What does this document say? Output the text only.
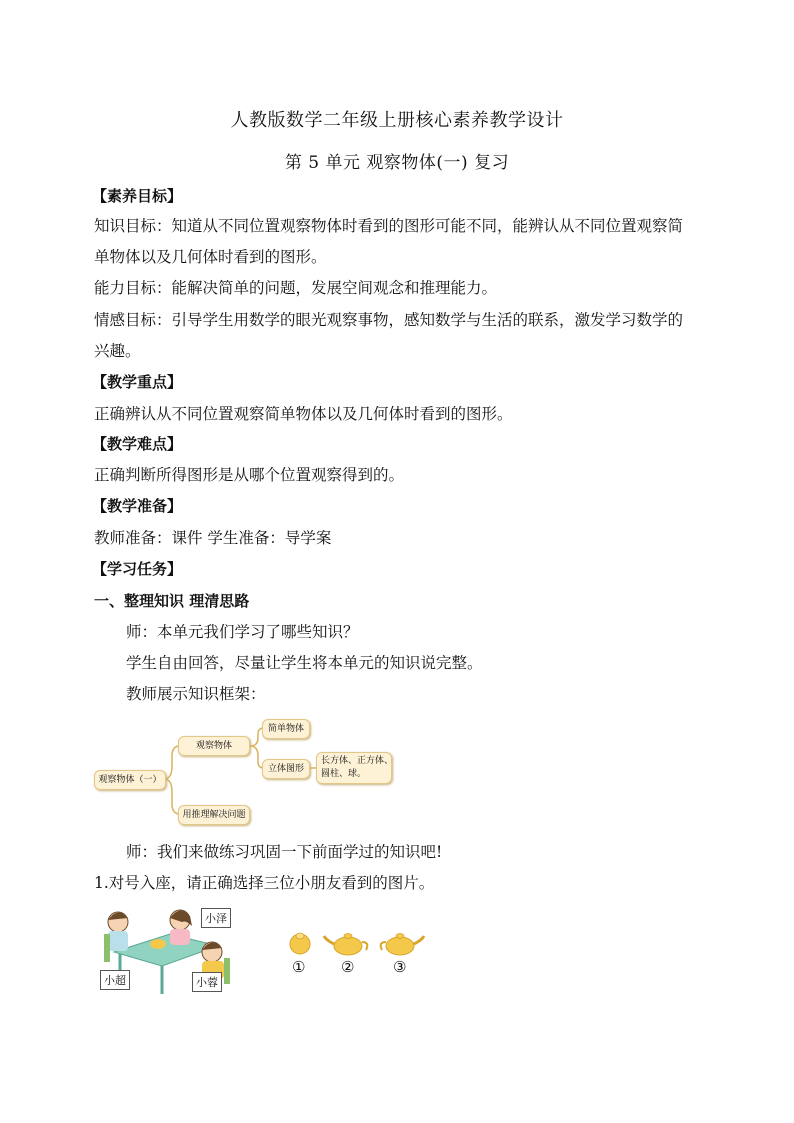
人教版数学二年级上册核心素养教学设计
第 5 单元 观察物体(一) 复习
【素养目标】
知识目标：知道从不同位置观察物体时看到的图形可能不同，能辨认从不同位置观察简
单物体以及几何体时看到的图形。
能力目标：能解决简单的问题，发展空间观念和推理能力。
情感目标：引导学生用数学的眼光观察事物，感知数学与生活的联系，激发学习数学的
兴趣。
【教学重点】
正确辨认从不同位置观察简单物体以及几何体时看到的图形。
【教学难点】
正确判断所得图形是从哪个位置观察得到的。
【教学准备】
教师准备：课件 学生准备：导学案
【学习任务】
一、整理知识 理清思路
师：本单元我们学习了哪些知识？
学生自由回答，尽量让学生将本单元的知识说完整。
教师展示知识框架：
观察物体（一）
观察物体
用推理解决问题
简单物体
立体图形
长方体、正方体、
圆柱、球。
师：我们来做练习巩固一下前面学过的知识吧!
1.对号入座，请正确选择三位小朋友看到的图片。
小泽
小超	小蓉
① ②	③
